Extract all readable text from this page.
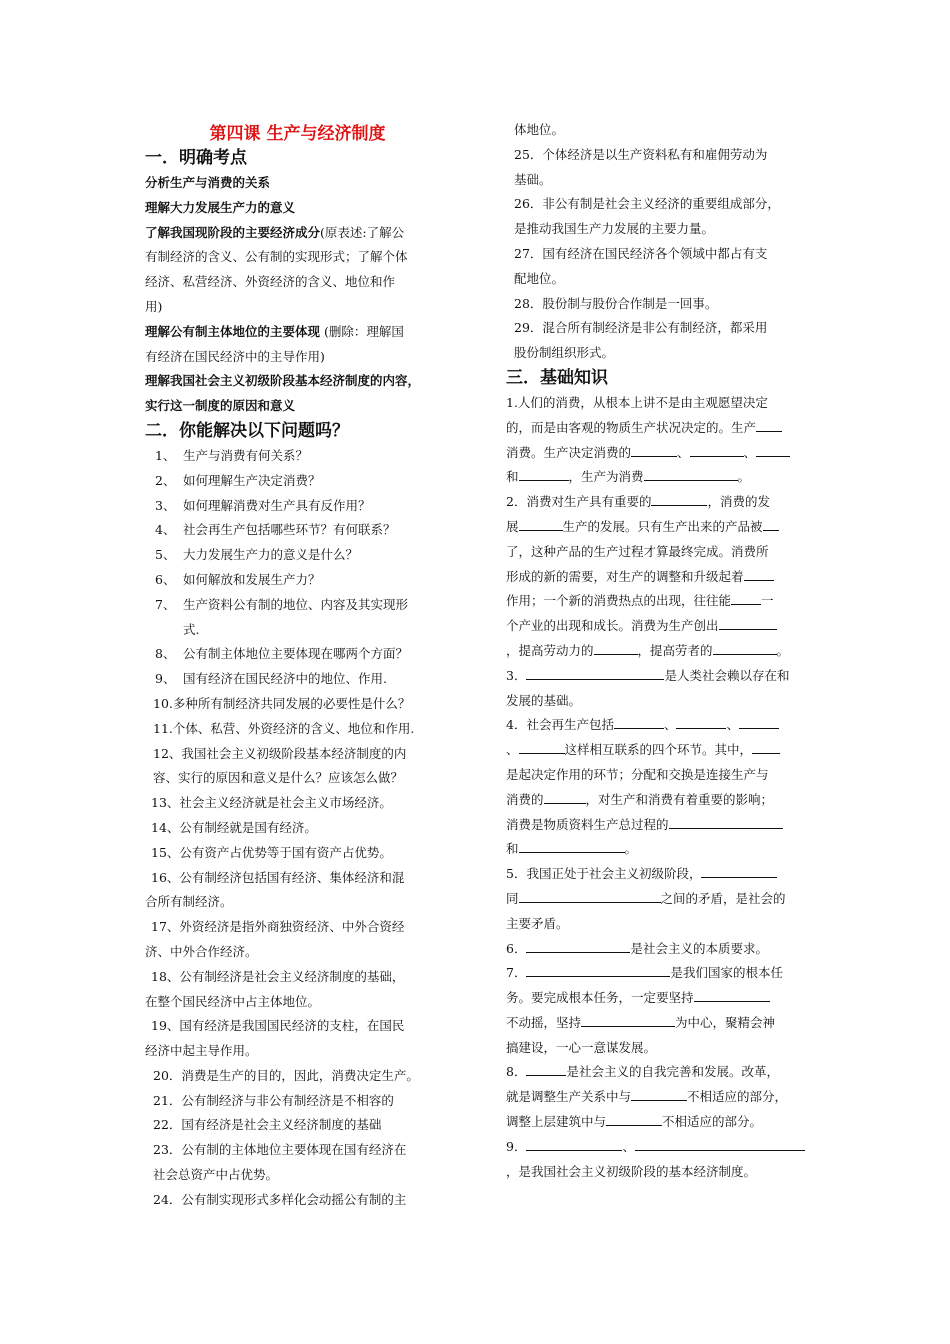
第四课 生产与经济制度

一．明确考点

分析生产与消费的关系

理解大力发展生产力的意义

了解我国现阶段的主要经济成分(原表述:了解公

有制经济的含义、公有制的实现形式；了解个体

经济、私营经济、外资经济的含义、地位和作

用)

理解公有制主体地位的主要体现 (删除：理解国

有经济在国民经济中的主导作用)

理解我国社会主义初级阶段基本经济制度的内容，

实行这一制度的原因和意义

二．你能解决以下问题吗？

1、 生产与消费有何关系？

2、 如何理解生产决定消费？

3、 如何理解消费对生产具有反作用？

4、 社会再生产包括哪些环节？有何联系？

5、 大力发展生产力的意义是什么？

6、 如何解放和发展生产力？

7、 生产资料公有制的地位、内容及其实现形

式.

8、 公有制主体地位主要体现在哪两个方面？

9、 国有经济在国民经济中的地位、作用.

10.多种所有制经济共同发展的必要性是什么？

11.个体、私营、外资经济的含义、地位和作用.

12、我国社会主义初级阶段基本经济制度的内

容、实行的原因和意义是什么？应该怎么做？

13、社会主义经济就是社会主义市场经济。

14、公有制经就是国有经济。

15、公有资产占优势等于国有资产占优势。

16、公有制经济包括国有经济、集体经济和混

合所有制经济。

17、外资经济是指外商独资经济、中外合资经

济、中外合作经济。

18、公有制经济是社会主义经济制度的基础，

在整个国民经济中占主体地位。

19、国有经济是我国国民经济的支柱，在国民

经济中起主导作用。

20．消费是生产的目的，因此，消费决定生产。

21．公有制经济与非公有制经济是不相容的

22．国有经济是社会主义经济制度的基础

23．公有制的主体地位主要体现在国有经济在

社会总资产中占优势。

24．公有制实现形式多样化会动摇公有制的主

体地位。

25．个体经济是以生产资料私有和雇佣劳动为

基础。

26．非公有制是社会主义经济的重要组成部分，

是推动我国生产力发展的主要力量。

27．国有经济在国民经济各个领域中都占有支

配地位。

28．股份制与股份合作制是一回事。

29．混合所有制经济是非公有制经济，都采用

股份制组织形式。

三．基础知识

1.人们的消费，从根本上讲不是由主观愿望决定

的，而是由客观的物质生产状况决定的。生产

消费。生产决定消费的	、	、

和	，生产为消费	。

2．消费对生产具有重要的	，消费的发

展	生产的发展。只有生产出来的产品被

了，这种产品的生产过程才算最终完成。消费所

形成的新的需要，对生产的调整和升级起着

作用；一个新的消费热点的出现，往往能 一

个产业的出现和成长。消费为生产创出

，提高劳动力的	，提高劳者的	。

3．	是人类社会赖以存在和

发展的基础。

4．社会再生产包括	、	、

、	这样相互联系的四个环节。其中，

是起决定作用的环节；分配和交换是连接生产与

消费的	，对生产和消费有着重要的影响；

消费是物质资料生产总过程的

和	。

5．我国正处于社会主义初级阶段，

同	之间的矛盾，是社会的

主要矛盾。

6．	是社会主义的本质要求。

7．	是我们国家的根本任

务。要完成根本任务，一定要坚持

不动摇，坚持	为中心，聚精会神

搞建设，一心一意谋发展。

8．	是社会主义的自我完善和发展。改革，

就是调整生产关系中与	不相适应的部分，

调整上层建筑中与	不相适应的部分。

9．	、

，是我国社会主义初级阶段的基本经济制度。
